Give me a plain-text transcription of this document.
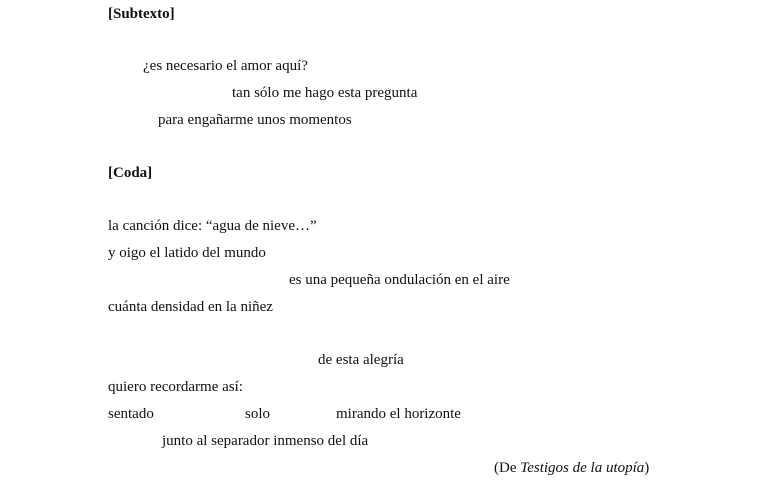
[Subtexto]
¿es necesario el amor aquí?
tan sólo me hago esta pregunta
para engañarme unos momentos
[Coda]
la canción dice: “agua de nieve…”
y oigo el latido del mundo
es una pequeña ondulación en el aire
cuánta densidad en la niñez
de esta alegría
quiero recordarme así:
sentado	solo	mirando el horizonte
junto al separador inmenso del día
(De Testigos de la utopía)
